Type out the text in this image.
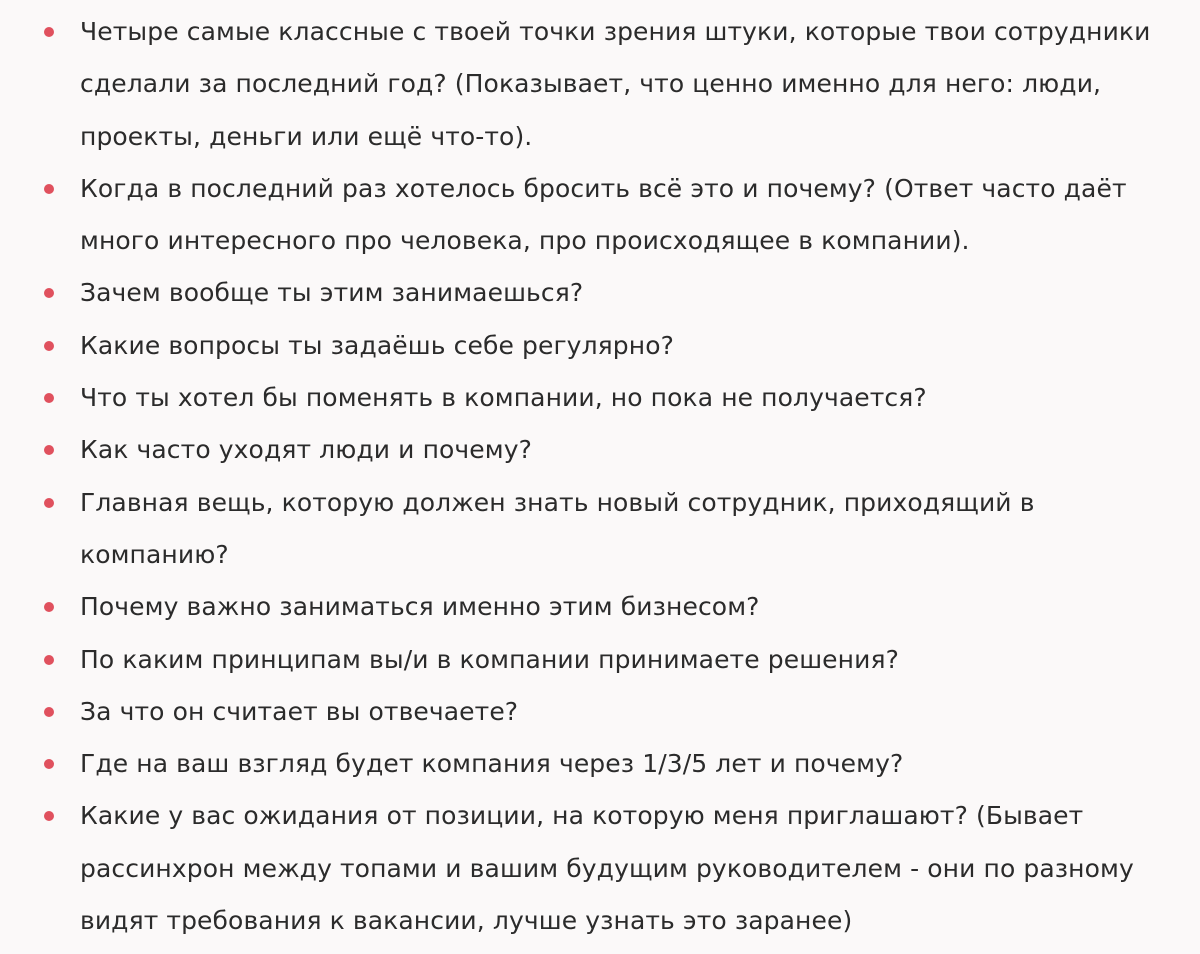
Четыре самые классные с твоей точки зрения штуки, которые твои сотрудники сделали за последний год? (Показывает, что ценно именно для него: люди, проекты, деньги или ещё что-то).
Когда в последний раз хотелось бросить всё это и почему? (Ответ часто даёт много интересного про человека, про происходящее в компании).
Зачем вообще ты этим занимаешься?
Какие вопросы ты задаёшь себе регулярно?
Что ты хотел бы поменять в компании, но пока не получается?
Как часто уходят люди и почему?
Главная вещь, которую должен знать новый сотрудник, приходящий в компанию?
Почему важно заниматься именно этим бизнесом?
По каким принципам вы/и в компании принимаете решения?
За что он считает вы отвечаете?
Где на ваш взгляд будет компания через 1/3/5 лет и почему?
Какие у вас ожидания от позиции, на которую меня приглашают? (Бывает рассинхрон между топами и вашим будущим руководителем - они по разному видят требования к вакансии, лучше узнать это заранее)
